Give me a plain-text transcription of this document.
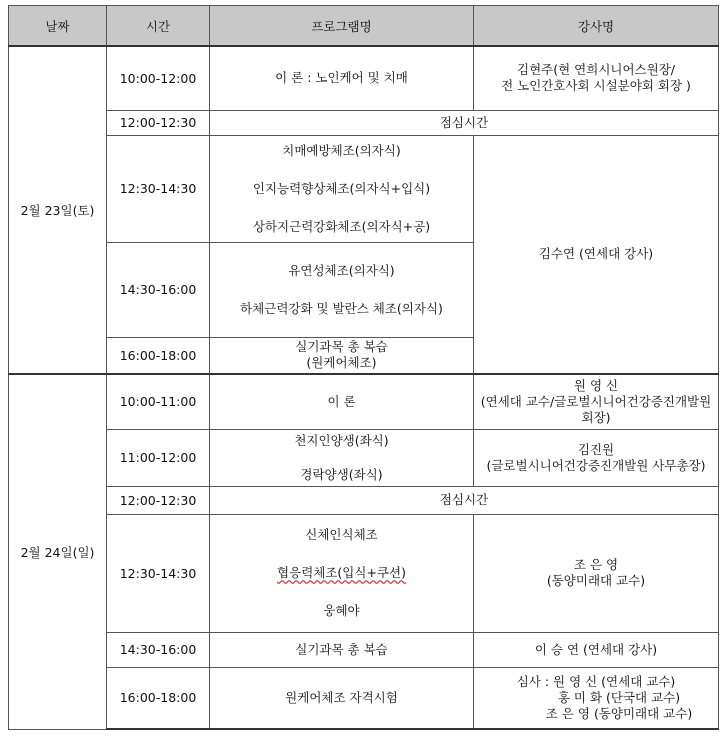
날짜	시간	프로그램명	강사명
2월 23일(토)	10:00-12:00	이 론 : 노인케어 및 치매	김현주(현 연희시니어스원장/
전 노인간호사회 시설분야회 회장 )

	12:00-12:30	점심시간	

	12:30-14:30	치매예방체조(의자식)
인지능력향상체조(의자식+입식)
상하지근력강화체조(의자식+공)	김수연 (연세대 강사)

	14:30-16:00	유연성체조(의자식)
하체근력강화 및 발란스 체조(의자식)	

	16:00-18:00	실기과목 총 복습
(원케어체조)	

2월 24일(일)	10:00-11:00	이 론	원 영 신
(연세대 교수/글로벌시니어건강증진개발원 회장)

	11:00-12:00	천지인양생(좌식)
경락양생(좌식)	김진원
(글로벌시니어건강증진개발원 사무총장)

	12:00-12:30	점심시간	

	12:30-14:30	신체인식체조
협응력체조(입식+쿠션)
웅혜야	조 은 영
(동양미래대 교수)

	14:30-16:00	실기과목 총 복습	이 승 연 (연세대 강사)

	16:00-18:00	원케어체조 자격시험	심사 : 원 영 신 (연세대 교수)
홍 미 화 (단국대 교수)
조 은 영 (동양미래대 교수)
